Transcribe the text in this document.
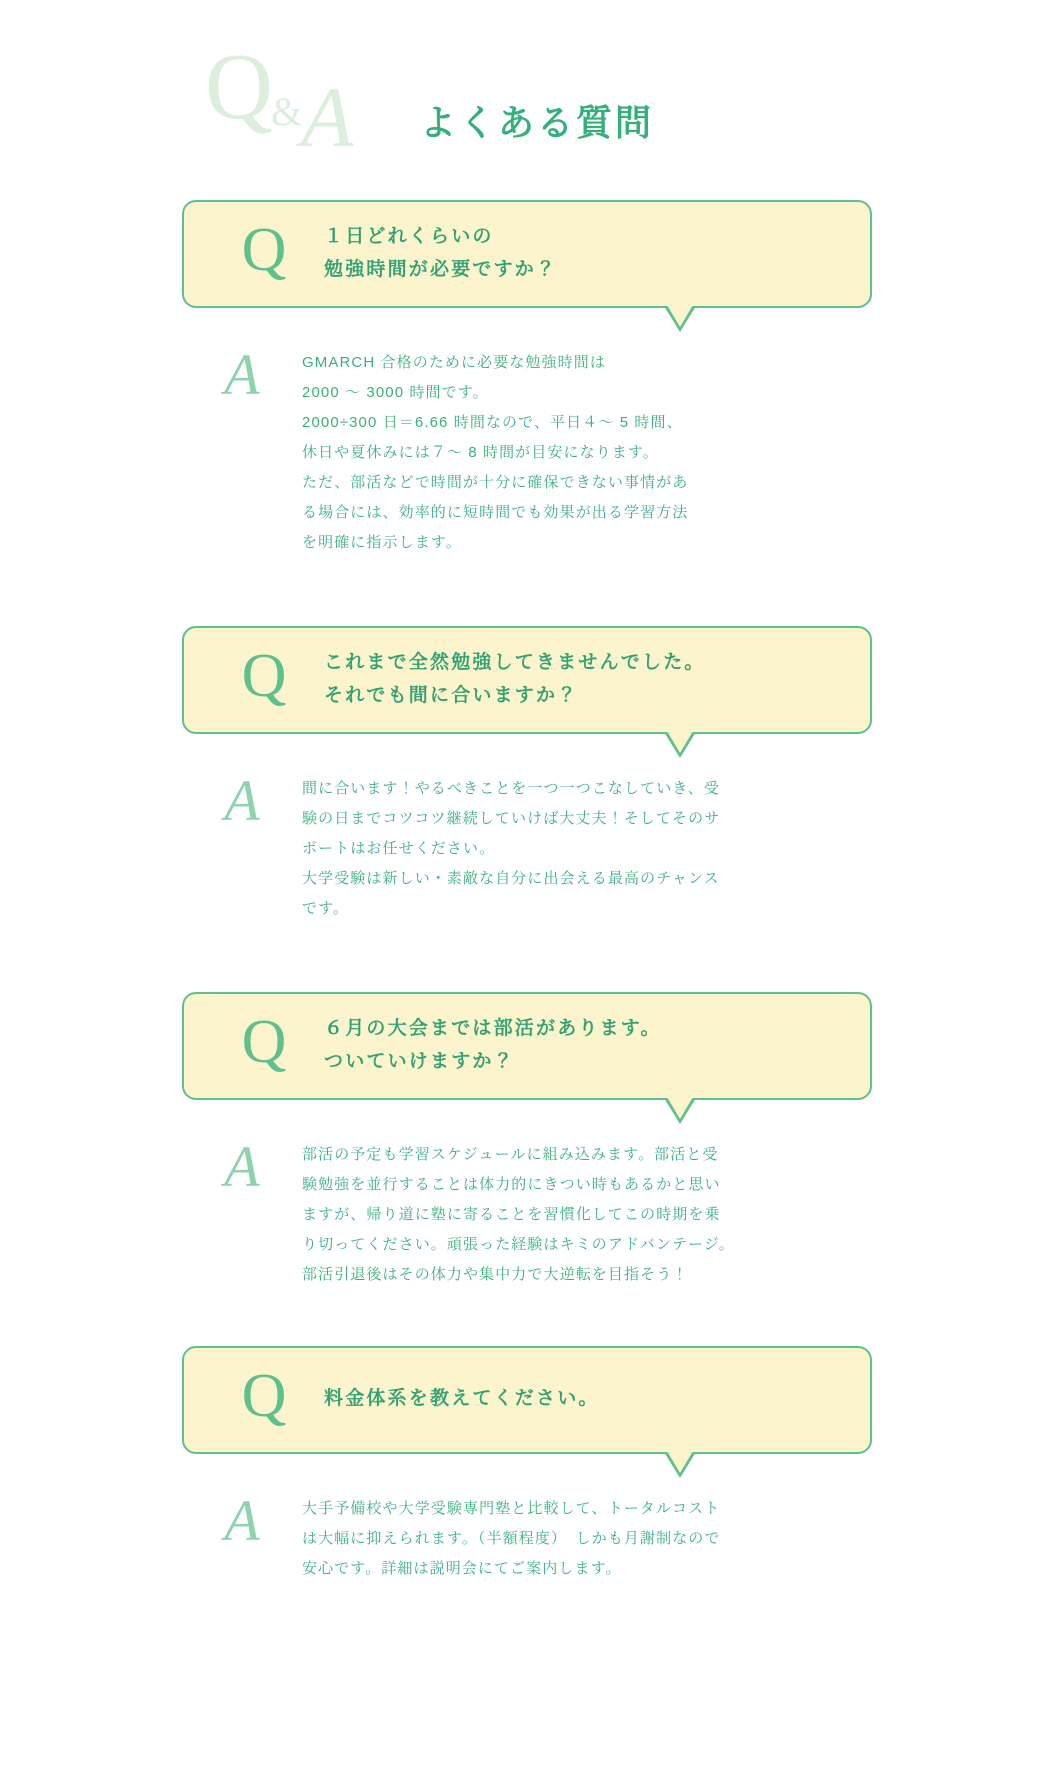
Q
&
A よくある質問
Q	１日どれくらいの
勉強時間が必要ですか？
A	GMARCH 合格のために必要な勉強時間は
2000 ～ 3000 時間です。
2000÷300 日＝6.66 時間なので、平日４～ 5 時間、
休日や夏休みには７～ 8 時間が目安になります。
ただ、部活などで時間が十分に確保できない事情があ
る場合には、効率的に短時間でも効果が出る学習方法
を明確に指示します。
Q	これまで全然勉強してきませんでした。
それでも間に合いますか？
A	間に合います！やるべきことを一つ一つこなしていき、受
験の日までコツコツ継続していけば大丈夫！そしてそのサ
ポートはお任せください。
大学受験は新しい・素敵な自分に出会える最高のチャンス
です。
Q	６月の大会までは部活があります。
ついていけますか？
A	部活の予定も学習スケジュールに組み込みます。部活と受
験勉強を並行することは体力的にきつい時もあるかと思い
ますが、帰り道に塾に寄ることを習慣化してこの時期を乗
り切ってください。頑張った経験はキミのアドバンテージ。
部活引退後はその体力や集中力で大逆転を目指そう！
Q	料金体系を教えてください。
A	大手予備校や大学受験専門塾と比較して、トータルコスト
は大幅に抑えられます。（半額程度）　しかも月謝制なので
安心です。詳細は説明会にてご案内します。
